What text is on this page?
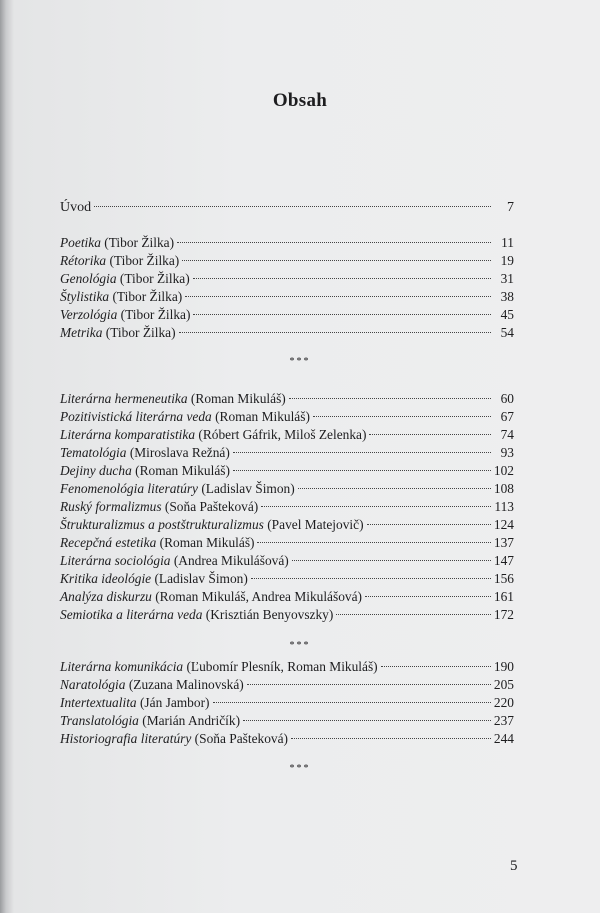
Obsah
Úvod	7
Poetika (Tibor Žilka)	11
Rétorika (Tibor Žilka)	19
Genológia (Tibor Žilka)	31
Štylistika (Tibor Žilka)	38
Verzológia (Tibor Žilka)	45
Metrika (Tibor Žilka)	54
***
Literárna hermeneutika (Roman Mikuláš)	60
Pozitivistická literárna veda (Roman Mikuláš)	67
Literárna komparatistika (Róbert Gáfrik, Miloš Zelenka)	74
Tematológia (Miroslava Režná)	93
Dejiny ducha (Roman Mikuláš)	102
Fenomenológia literatúry (Ladislav Šimon)	108
Ruský formalizmus (Soňa Pašteková)	113
Štrukturalizmus a postštrukturalizmus (Pavel Matejovič)	124
Recepčná estetika (Roman Mikuláš)	137
Literárna sociológia (Andrea Mikulášová)	147
Kritika ideológie (Ladislav Šimon)	156
Analýza diskurzu (Roman Mikuláš, Andrea Mikulášová)	161
Semiotika a literárna veda (Krisztián Benyovszky)	172
***
Literárna komunikácia (Ľubomír Plesník, Roman Mikuláš)	190
Naratológia (Zuzana Malinovská)	205
Intertextualita (Ján Jambor)	220
Translatológia (Marián Andričík)	237
Historiografia literatúry (Soňa Pašteková)	244
***
5
